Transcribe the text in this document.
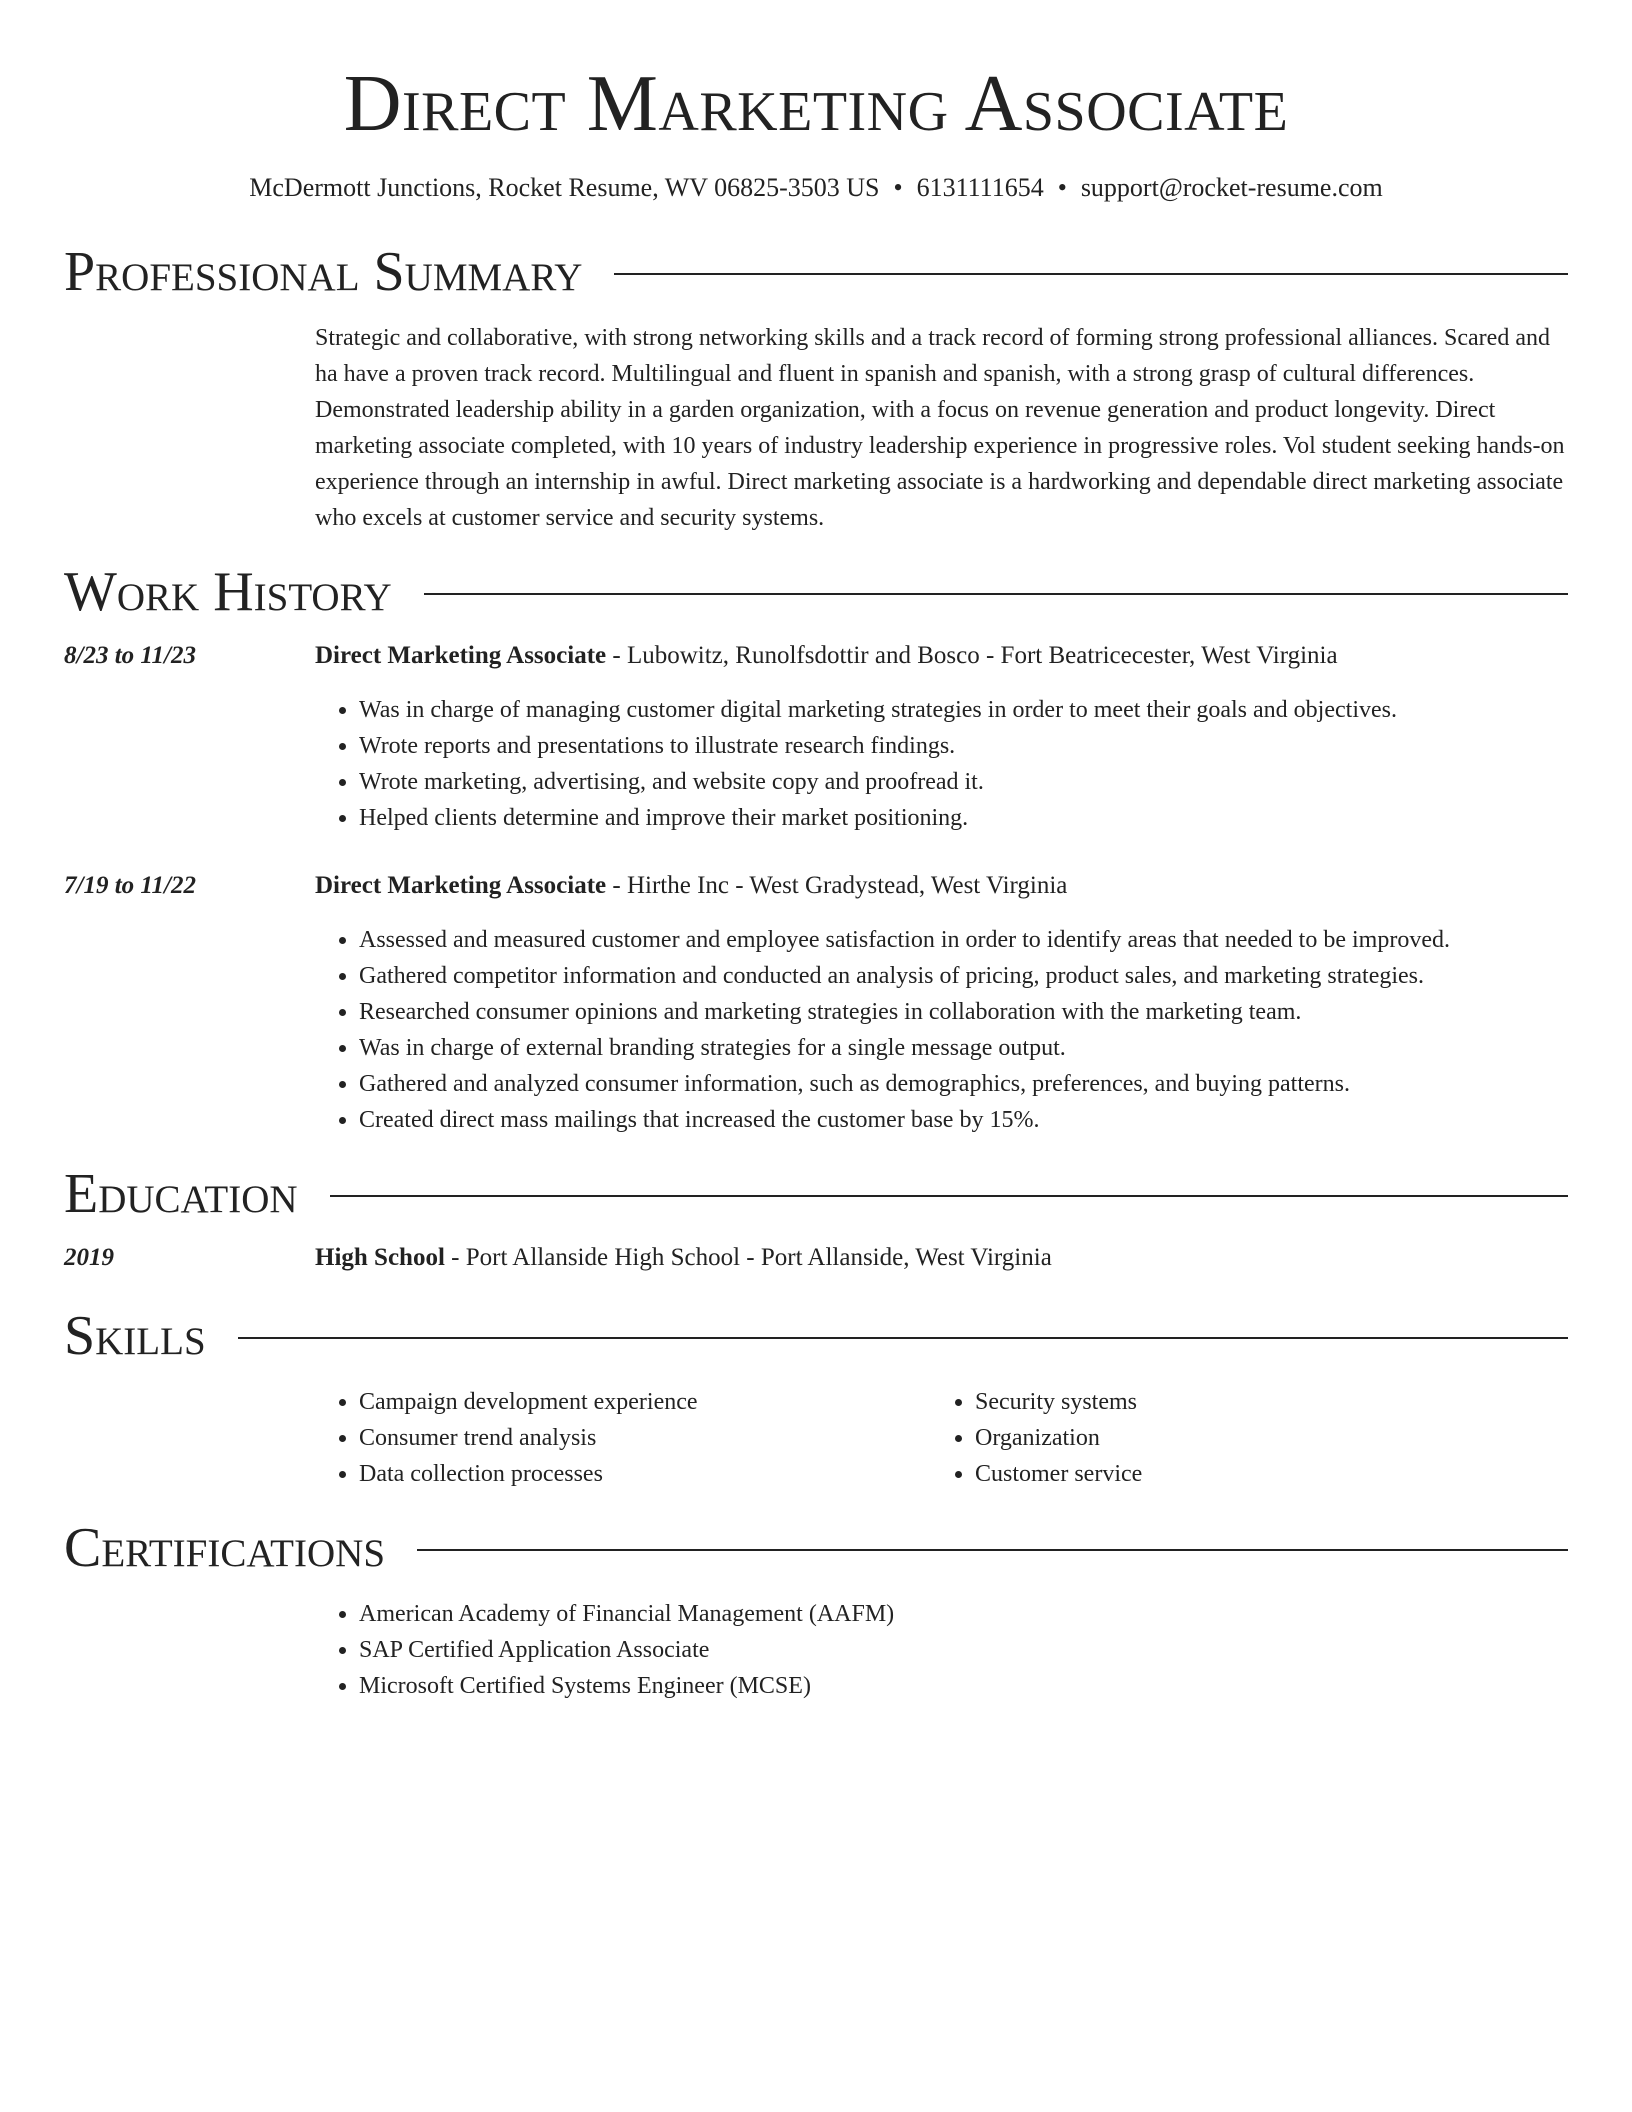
Direct Marketing Associate
McDermott Junctions, Rocket Resume, WV 06825-3503 US • 6131111654 • support@rocket-resume.com
Professional Summary

Strategic and collaborative, with strong networking skills and a track record of forming strong professional alliances. Scared and ha have a proven track record. Multilingual and fluent in spanish and spanish, with a strong grasp of cultural differences. Demonstrated leadership ability in a garden organization, with a focus on revenue generation and product longevity. Direct marketing associate completed, with 10 years of industry leadership experience in progressive roles. Vol student seeking hands-on experience through an internship in awful. Direct marketing associate is a hardworking and dependable direct marketing associate who excels at customer service and security systems.

Work History
8/23 to 11/23	Direct Marketing Associate - Lubowitz, Runolfsdottir and Bosco - Fort Beatricecester, West Virginia
• Was in charge of managing customer digital marketing strategies in order to meet their goals and objectives.
• Wrote reports and presentations to illustrate research findings.
• Wrote marketing, advertising, and website copy and proofread it.
• Helped clients determine and improve their market positioning.
7/19 to 11/22	Direct Marketing Associate - Hirthe Inc - West Gradystead, West Virginia
• Assessed and measured customer and employee satisfaction in order to identify areas that needed to be improved.
• Gathered competitor information and conducted an analysis of pricing, product sales, and marketing strategies.
• Researched consumer opinions and marketing strategies in collaboration with the marketing team.
• Was in charge of external branding strategies for a single message output.
• Gathered and analyzed consumer information, such as demographics, preferences, and buying patterns.
• Created direct mass mailings that increased the customer base by 15%.
Education
2019	High School - Port Allanside High School - Port Allanside, West Virginia
Skills
• Campaign development experience
• Consumer trend analysis
• Data collection processes
• Security systems
• Organization
• Customer service
Certifications
• American Academy of Financial Management (AAFM)
• SAP Certified Application Associate
• Microsoft Certified Systems Engineer (MCSE)
